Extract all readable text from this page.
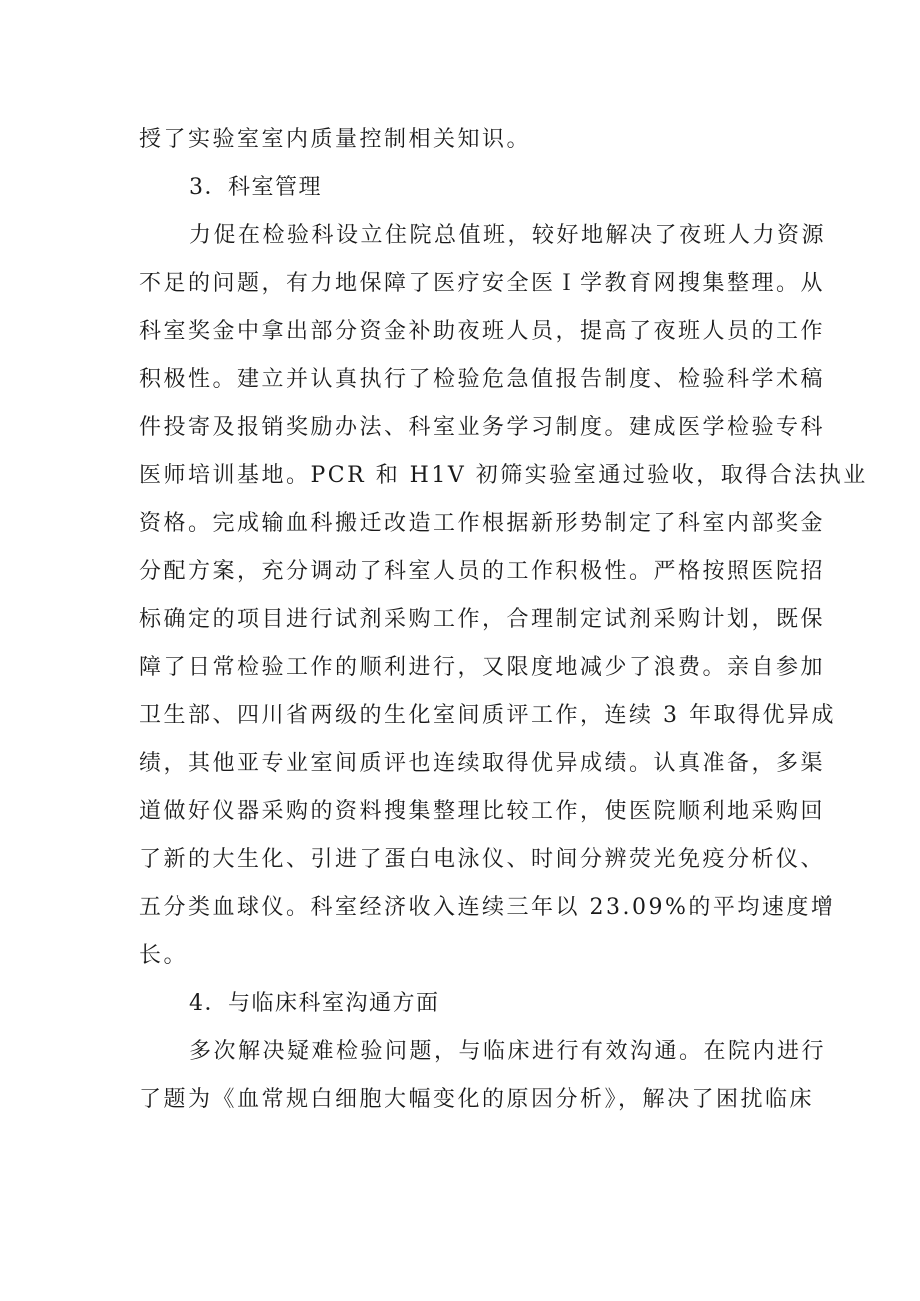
授了实验室室内质量控制相关知识。
3．科室管理
力促在检验科设立住院总值班，较好地解决了夜班人力资源
不足的问题，有力地保障了医疗安全医Ｉ学教育网搜集整理。从
科室奖金中拿出部分资金补助夜班人员，提高了夜班人员的工作
积极性。建立并认真执行了检验危急值报告制度、检验科学术稿
件投寄及报销奖励办法、科室业务学习制度。建成医学检验专科
医师培训基地。PCR 和 H1V 初筛实验室通过验收，取得合法执业
资格。完成输血科搬迁改造工作根据新形势制定了科室内部奖金
分配方案，充分调动了科室人员的工作积极性。严格按照医院招
标确定的项目进行试剂采购工作，合理制定试剂采购计划，既保
障了日常检验工作的顺利进行，又限度地减少了浪费。亲自参加
卫生部、四川省两级的生化室间质评工作，连续 3 年取得优异成
绩，其他亚专业室间质评也连续取得优异成绩。认真准备，多渠
道做好仪器采购的资料搜集整理比较工作，使医院顺利地采购回
了新的大生化、引进了蛋白电泳仪、时间分辨荧光免疫分析仪、
五分类血球仪。科室经济收入连续三年以 23.09%的平均速度增
长。
4．与临床科室沟通方面
多次解决疑难检验问题，与临床进行有效沟通。在院内进行
了题为《血常规白细胞大幅变化的原因分析》，解决了困扰临床
